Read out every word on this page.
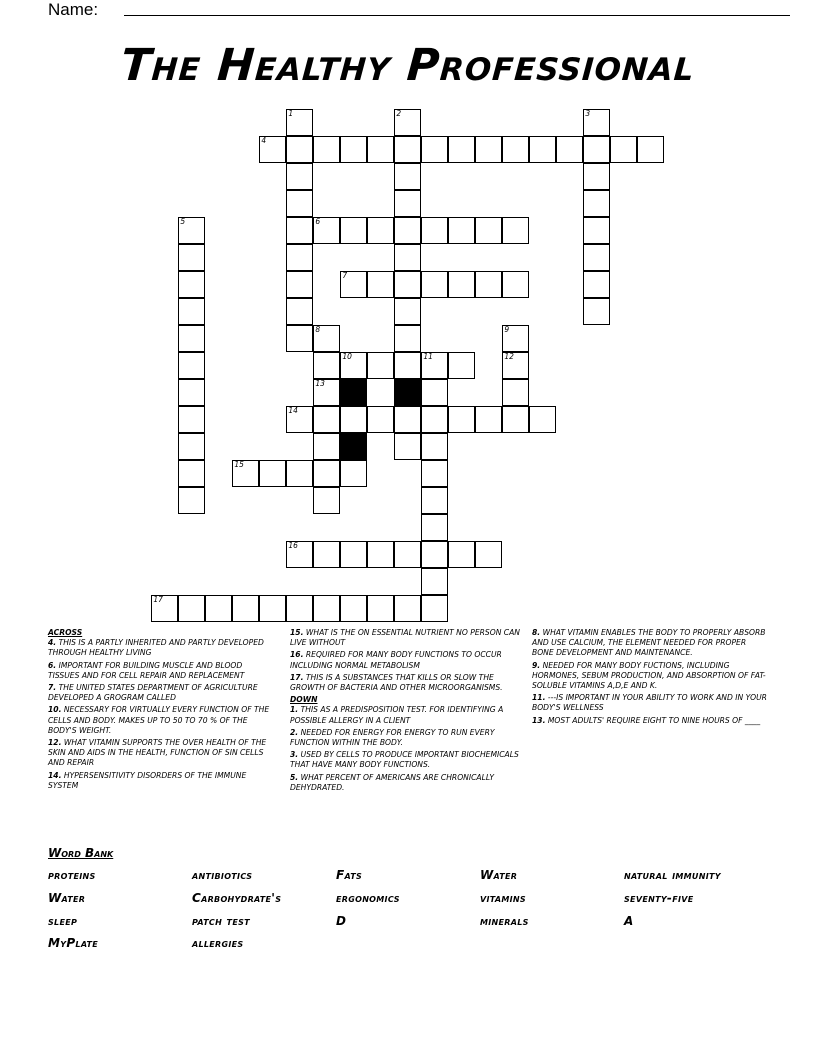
Name:
The Healthy Professional
1	2	3
4
5	6
7
8
13
9
12
10	11
14
15
16
17
ACROSS
4. THIS IS A PARTLY INHERITED AND PARTLY DEVELOPED THROUGH HEALTHY LIVING
6. IMPORTANT FOR BUILDING MUSCLE AND BLOOD TISSUES AND FOR CELL REPAIR AND REPLACEMENT
7. THE UNITED STATES DEPARTMENT OF AGRICULTURE DEVELOPED A GROGRAM CALLED
10. NECESSARY FOR VIRTUALLY EVERY FUNCTION OF THE CELLS AND BODY. MAKES UP TO 50 TO 70 % OF THE BODY'S WEIGHT.
12. WHAT VITAMIN SUPPORTS THE OVER HEALTH OF THE SKIN AND AIDS IN THE HEALTH, FUNCTION OF SIN CELLS AND REPAIR
14. HYPERSENSITIVITY DISORDERS OF THE IMMUNE SYSTEM
15. WHAT IS THE ON ESSENTIAL NUTRIENT NO PERSON CAN LIVE WITHOUT
16. REQUIRED FOR MANY BODY FUNCTIONS TO OCCUR INCLUDING NORMAL METABOLISM
17. THIS IS A SUBSTANCES THAT KILLS OR SLOW THE GROWTH OF BACTERIA AND OTHER MICROORGANISMS.
DOWN
1. THIS AS A PREDISPOSITION TEST. FOR IDENTIFYING A POSSIBLE ALLERGY IN A CLIENT
2. NEEDED FOR ENERGY FOR ENERGY TO RUN EVERY FUNCTION WITHIN THE BODY.
3. USED BY CELLS TO PRODUCE IMPORTANT BIOCHEMICALS THAT HAVE MANY BODY FUNCTIONS.
5. WHAT PERCENT OF AMERICANS ARE CHRONICALLY DEHYDRATED.
8. WHAT VITAMIN ENABLES THE BODY TO PROPERLY ABSORB AND USE CALCIUM, THE ELEMENT NEEDED FOR PROPER BONE DEVELOPMENT AND MAINTENANCE.
9. NEEDED FOR MANY BODY FUCTIONS, INCLUDING HORMONES, SEBUM PRODUCTION, AND ABSORPTION OF FAT-SOLUBLE VITAMINS A,D,E AND K.
11. ---IS IMPORTANT IN YOUR ABILITY TO WORK AND IN YOUR BODY'S WELLNESS
13. MOST ADULTS' REQUIRE EIGHT TO NINE HOURS OF ____
Word Bank
proteins
Water
sleep
MyPlate
antibiotics
Carbohydrate's
patch test
allergies
Fats
ergonomics
D
Water
vitamins
minerals
natural immunity
seventy-five
A
